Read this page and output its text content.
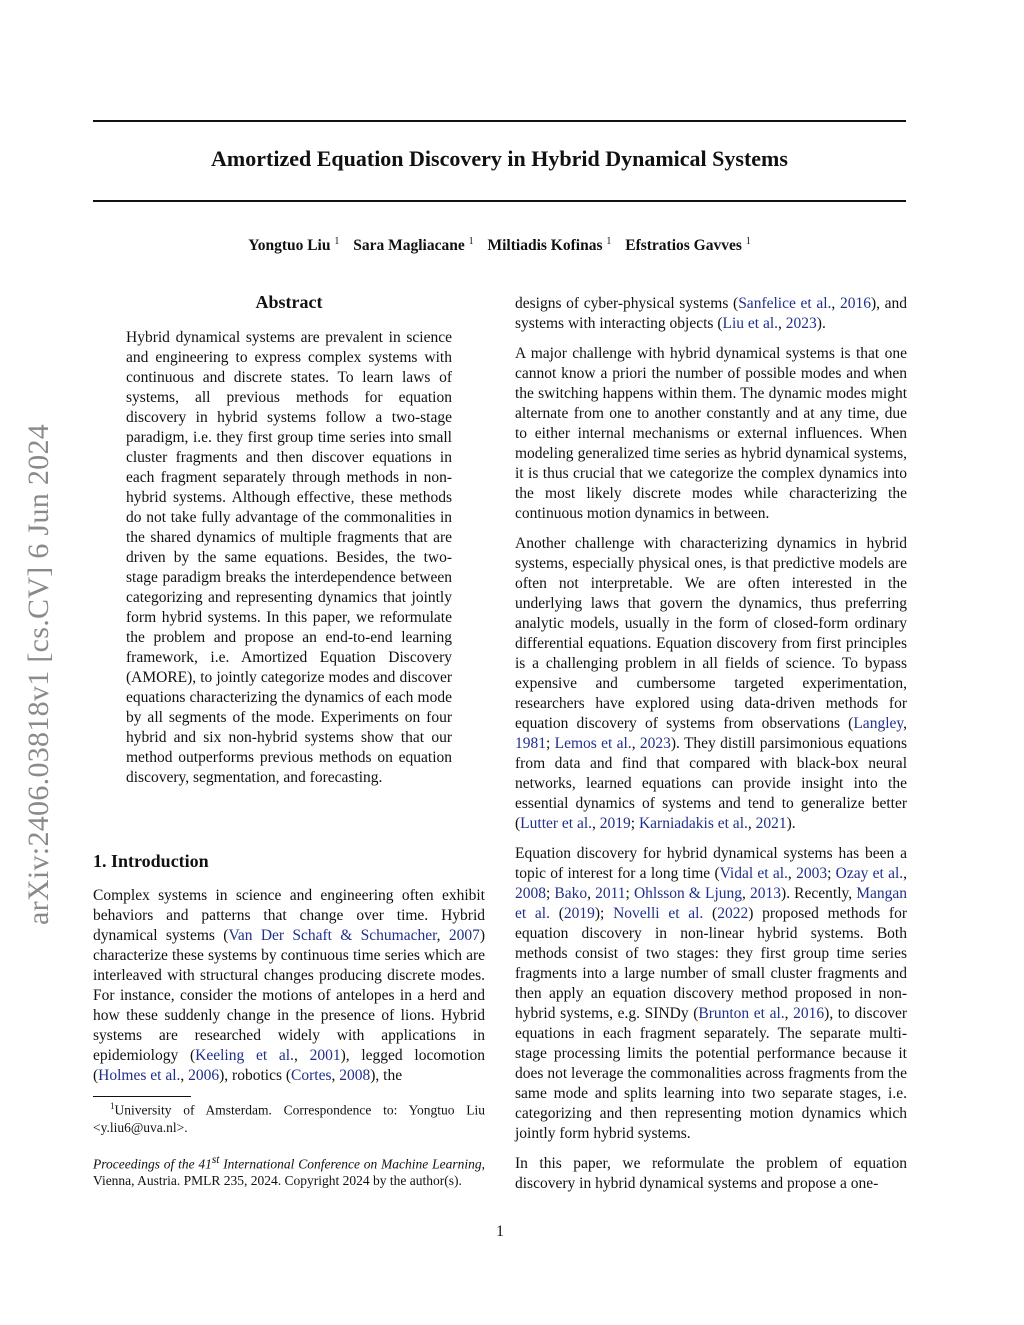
arXiv:2406.03818v1 [cs.CV] 6 Jun 2024
Amortized Equation Discovery in Hybrid Dynamical Systems
Yongtuo Liu $^1$ Sara Magliacane $^1$ Miltiadis Kofinas $^1$ Efstratios Gavves $^1$
Abstract
Hybrid dynamical systems are prevalent in science and engineering to express complex systems with continuous and discrete states. To learn laws of systems, all previous methods for equation discovery in hybrid systems follow a two-stage paradigm, i.e. they first group time series into small cluster fragments and then discover equations in each fragment separately through methods in non-hybrid systems. Although effective, these methods do not take fully advantage of the commonalities in the shared dynamics of multiple fragments that are driven by the same equations. Besides, the two-stage paradigm breaks the interdependence between categorizing and representing dynamics that jointly form hybrid systems. In this paper, we reformulate the problem and propose an end-to-end learning framework, i.e. Amortized Equation Discovery (AMORE), to jointly categorize modes and discover equations characterizing the dynamics of each mode by all segments of the mode. Experiments on four hybrid and six non-hybrid systems show that our method outperforms previous methods on equation discovery, segmentation, and forecasting.
1. Introduction

Complex systems in science and engineering often exhibit behaviors and patterns that change over time. Hybrid dynamical systems (Van Der Schaft & Schumacher, 2007) characterize these systems by continuous time series which are interleaved with structural changes producing discrete modes. For instance, consider the motions of antelopes in a herd and how these suddenly change in the presence of lions. Hybrid systems are researched widely with applications in epidemiology (Keeling et al., 2001), legged locomotion (Holmes et al., 2006), robotics (Cortes, 2008), the

designs of cyber-physical systems (Sanfelice et al., 2016), and systems with interacting objects (Liu et al., 2023).

A major challenge with hybrid dynamical systems is that one cannot know a priori the number of possible modes and when the switching happens within them. The dynamic modes might alternate from one to another constantly and at any time, due to either internal mechanisms or external influences. When modeling generalized time series as hybrid dynamical systems, it is thus crucial that we categorize the complex dynamics into the most likely discrete modes while characterizing the continuous motion dynamics in between.

Another challenge with characterizing dynamics in hybrid systems, especially physical ones, is that predictive models are often not interpretable. We are often interested in the underlying laws that govern the dynamics, thus preferring analytic models, usually in the form of closed-form ordinary differential equations. Equation discovery from first principles is a challenging problem in all fields of science. To bypass expensive and cumbersome targeted experimentation, researchers have explored using data-driven methods for equation discovery of systems from observations (Langley, 1981; Lemos et al., 2023). They distill parsimonious equations from data and find that compared with black-box neural networks, learned equations can provide insight into the essential dynamics of systems and tend to generalize better (Lutter et al., 2019; Karniadakis et al., 2021).

Equation discovery for hybrid dynamical systems has been a topic of interest for a long time (Vidal et al., 2003; Ozay et al., 2008; Bako, 2011; Ohlsson & Ljung, 2013). Recently, Mangan et al. (2019); Novelli et al. (2022) proposed methods for equation discovery in non-linear hybrid systems. Both methods consist of two stages: they first group time series fragments into a large number of small cluster fragments and then apply an equation discovery method proposed in non-hybrid systems, e.g. SINDy (Brunton et al., 2016), to discover equations in each fragment separately. The separate multi-stage processing limits the potential performance because it does not leverage the commonalities across fragments from the same mode and splits learning into two separate stages, i.e. categorizing and then representing motion dynamics which jointly form hybrid systems.

In this paper, we reformulate the problem of equation discovery in hybrid dynamical systems and propose a one-

$^1$University of Amsterdam. Correspondence to: Yongtuo Liu <y.liu6@uva.nl>.

Proceedings of the 41st International Conference on Machine Learning, Vienna, Austria. PMLR 235, 2024. Copyright 2024 by the author(s).

1
